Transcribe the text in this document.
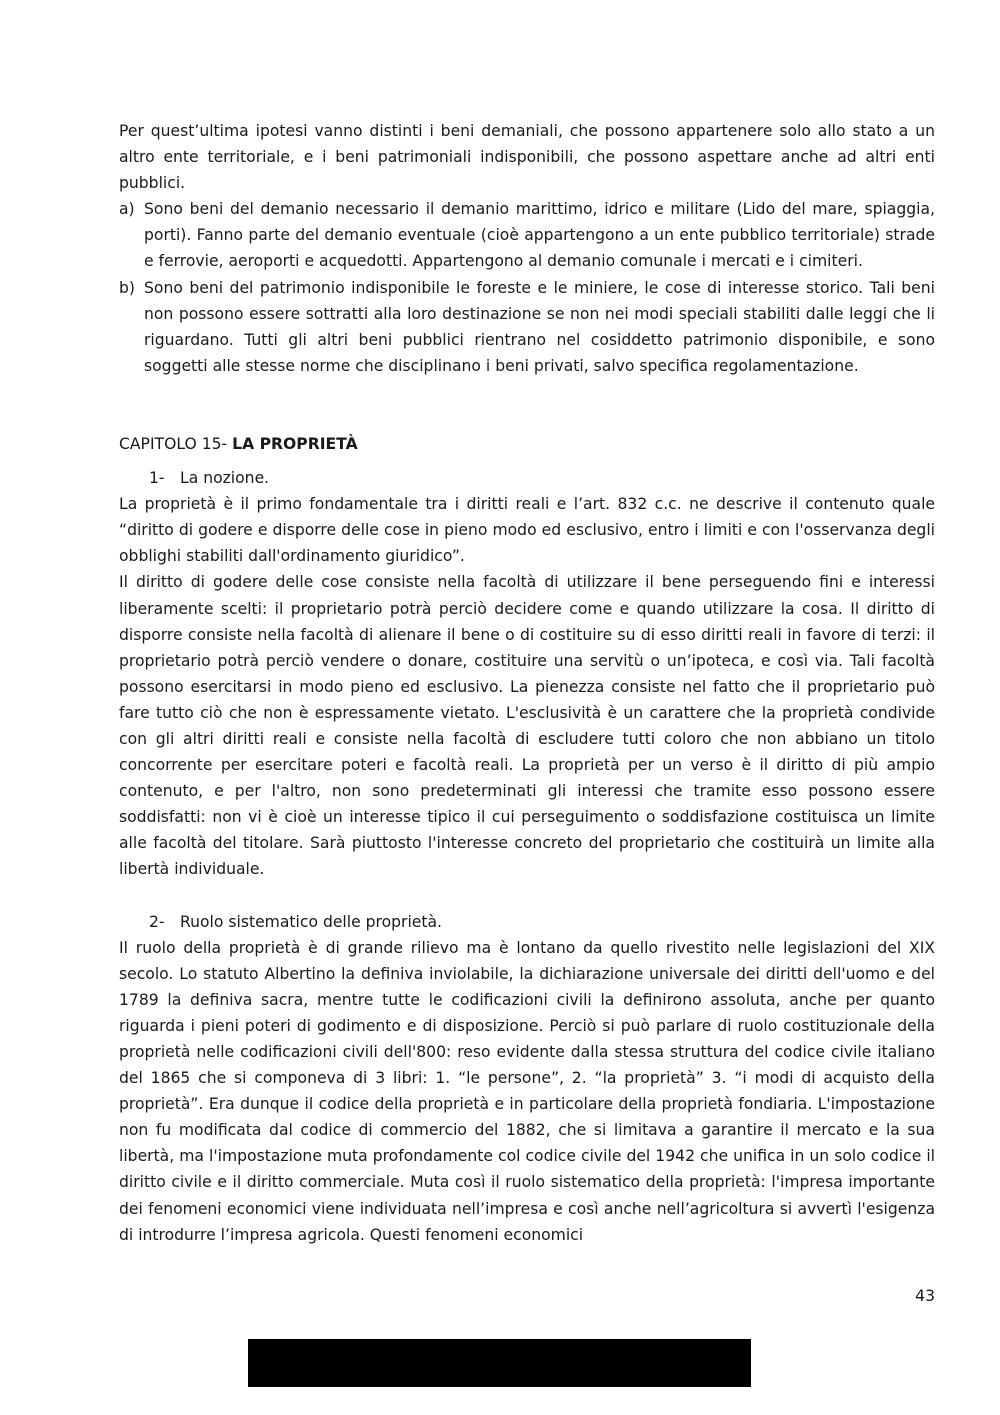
Per quest’ultima ipotesi vanno distinti i beni demaniali, che possono appartenere solo allo stato a un altro ente territoriale, e i beni patrimoniali indisponibili, che possono aspettare anche ad altri enti pubblici.

a) Sono beni del demanio necessario il demanio marittimo, idrico e militare (Lido del mare, spiaggia, porti). Fanno parte del demanio eventuale (cioè appartengono a un ente pubblico territoriale) strade e ferrovie, aeroporti e acquedotti. Appartengono al demanio comunale i mercati e i cimiteri.
b) Sono beni del patrimonio indisponibile le foreste e le miniere, le cose di interesse storico. Tali beni non possono essere sottratti alla loro destinazione se non nei modi speciali stabiliti dalle leggi che li riguardano. Tutti gli altri beni pubblici rientrano nel cosiddetto patrimonio disponibile, e sono soggetti alle stesse norme che disciplinano i beni privati, salvo specifica regolamentazione.

CAPITOLO 15- LA PROPRIETÀ

1- La nozione.

La proprietà è il primo fondamentale tra i diritti reali e l’art. 832 c.c. ne descrive il contenuto quale “diritto di godere e disporre delle cose in pieno modo ed esclusivo, entro i limiti e con l'osservanza degli obblighi stabiliti dall'ordinamento giuridico”.

Il diritto di godere delle cose consiste nella facoltà di utilizzare il bene perseguendo fini e interessi liberamente scelti: il proprietario potrà perciò decidere come e quando utilizzare la cosa. Il diritto di disporre consiste nella facoltà di alienare il bene o di costituire su di esso diritti reali in favore di terzi: il proprietario potrà perciò vendere o donare, costituire una servitù o un’ipoteca, e così via. Tali facoltà possono esercitarsi in modo pieno ed esclusivo. La pienezza consiste nel fatto che il proprietario può fare tutto ciò che non è espressamente vietato. L'esclusività è un carattere che la proprietà condivide con gli altri diritti reali e consiste nella facoltà di escludere tutti coloro che non abbiano un titolo concorrente per esercitare poteri e facoltà reali. La proprietà per un verso è il diritto di più ampio contenuto, e per l'altro, non sono predeterminati gli interessi che tramite esso possono essere soddisfatti: non vi è cioè un interesse tipico il cui perseguimento o soddisfazione costituisca un limite alle facoltà del titolare. Sarà piuttosto l'interesse concreto del proprietario che costituirà un limite alla libertà individuale.

2- Ruolo sistematico delle proprietà.

Il ruolo della proprietà è di grande rilievo ma è lontano da quello rivestito nelle legislazioni del XIX secolo. Lo statuto Albertino la definiva inviolabile, la dichiarazione universale dei diritti dell'uomo e del 1789 la definiva sacra, mentre tutte le codificazioni civili la definirono assoluta, anche per quanto riguarda i pieni poteri di godimento e di disposizione. Perciò si può parlare di ruolo costituzionale della proprietà nelle codificazioni civili dell'800: reso evidente dalla stessa struttura del codice civile italiano del 1865 che si componeva di 3 libri: 1. “le persone”, 2. “la proprietà” 3. “i modi di acquisto della proprietà”. Era dunque il codice della proprietà e in particolare della proprietà fondiaria. L'impostazione non fu modificata dal codice di commercio del 1882, che si limitava a garantire il mercato e la sua libertà, ma l'impostazione muta profondamente col codice civile del 1942 che unifica in un solo codice il diritto civile e il diritto commerciale. Muta così il ruolo sistematico della proprietà: l'impresa importante dei fenomeni economici viene individuata nell’impresa e così anche nell’agricoltura si avvertì l'esigenza di introdurre l’impresa agricola. Questi fenomeni economici

43
